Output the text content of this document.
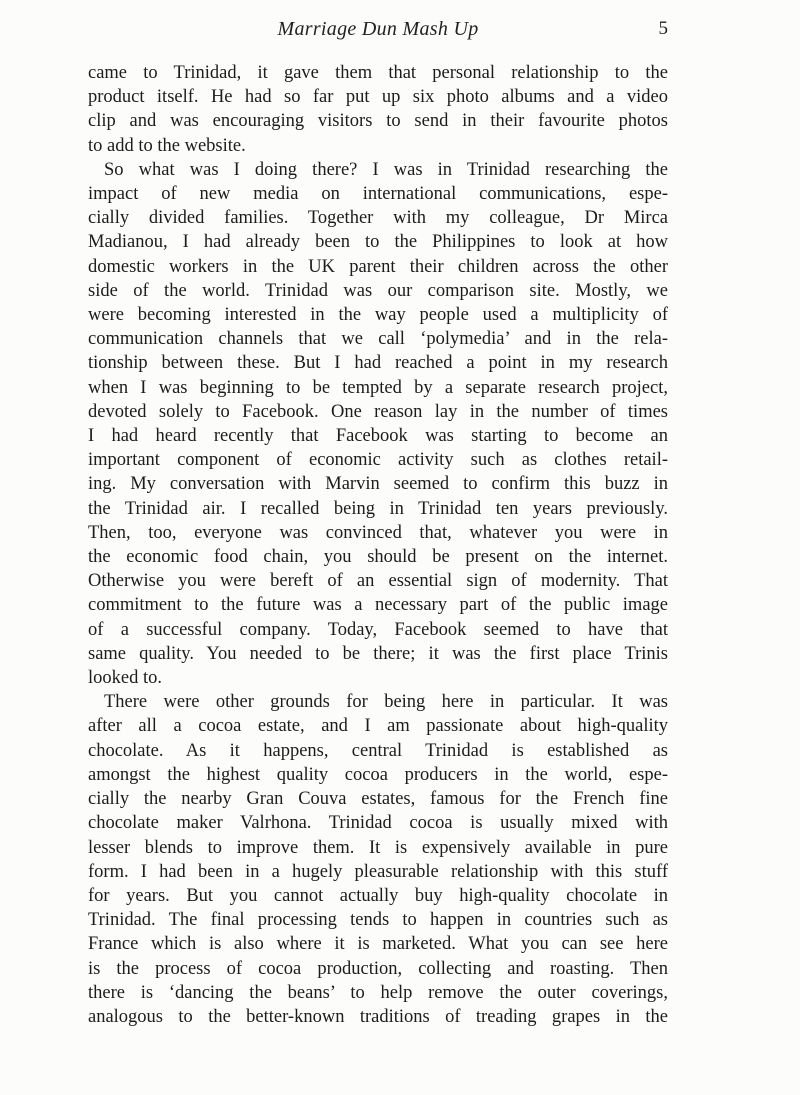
Marriage Dun Mash Up	5
came to Trinidad, it gave them that personal relationship to the
product itself. He had so far put up six photo albums and a video
clip and was encouraging visitors to send in their favourite photos
to add to the website.
So what was I doing there? I was in Trinidad researching the
impact of new media on international communications, espe-
cially divided families. Together with my colleague, Dr Mirca
Madianou, I had already been to the Philippines to look at how
domestic workers in the UK parent their children across the other
side of the world. Trinidad was our comparison site. Mostly, we
were becoming interested in the way people used a multiplicity of
communication channels that we call ‘polymedia’ and in the rela-
tionship between these. But I had reached a point in my research
when I was beginning to be tempted by a separate research project,
devoted solely to Facebook. One reason lay in the number of times
I had heard recently that Facebook was starting to become an
important component of economic activity such as clothes retail-
ing. My conversation with Marvin seemed to confirm this buzz in
the Trinidad air. I recalled being in Trinidad ten years previously.
Then, too, everyone was convinced that, whatever you were in
the economic food chain, you should be present on the internet.
Otherwise you were bereft of an essential sign of modernity. That
commitment to the future was a necessary part of the public image
of a successful company. Today, Facebook seemed to have that
same quality. You needed to be there; it was the first place Trinis
looked to.
There were other grounds for being here in particular. It was
after all a cocoa estate, and I am passionate about high-quality
chocolate. As it happens, central Trinidad is established as
amongst the highest quality cocoa producers in the world, espe-
cially the nearby Gran Couva estates, famous for the French fine
chocolate maker Valrhona. Trinidad cocoa is usually mixed with
lesser blends to improve them. It is expensively available in pure
form. I had been in a hugely pleasurable relationship with this stuff
for years. But you cannot actually buy high-quality chocolate in
Trinidad. The final processing tends to happen in countries such as
France which is also where it is marketed. What you can see here
is the process of cocoa production, collecting and roasting. Then
there is ‘dancing the beans’ to help remove the outer coverings,
analogous to the better-known traditions of treading grapes in the
